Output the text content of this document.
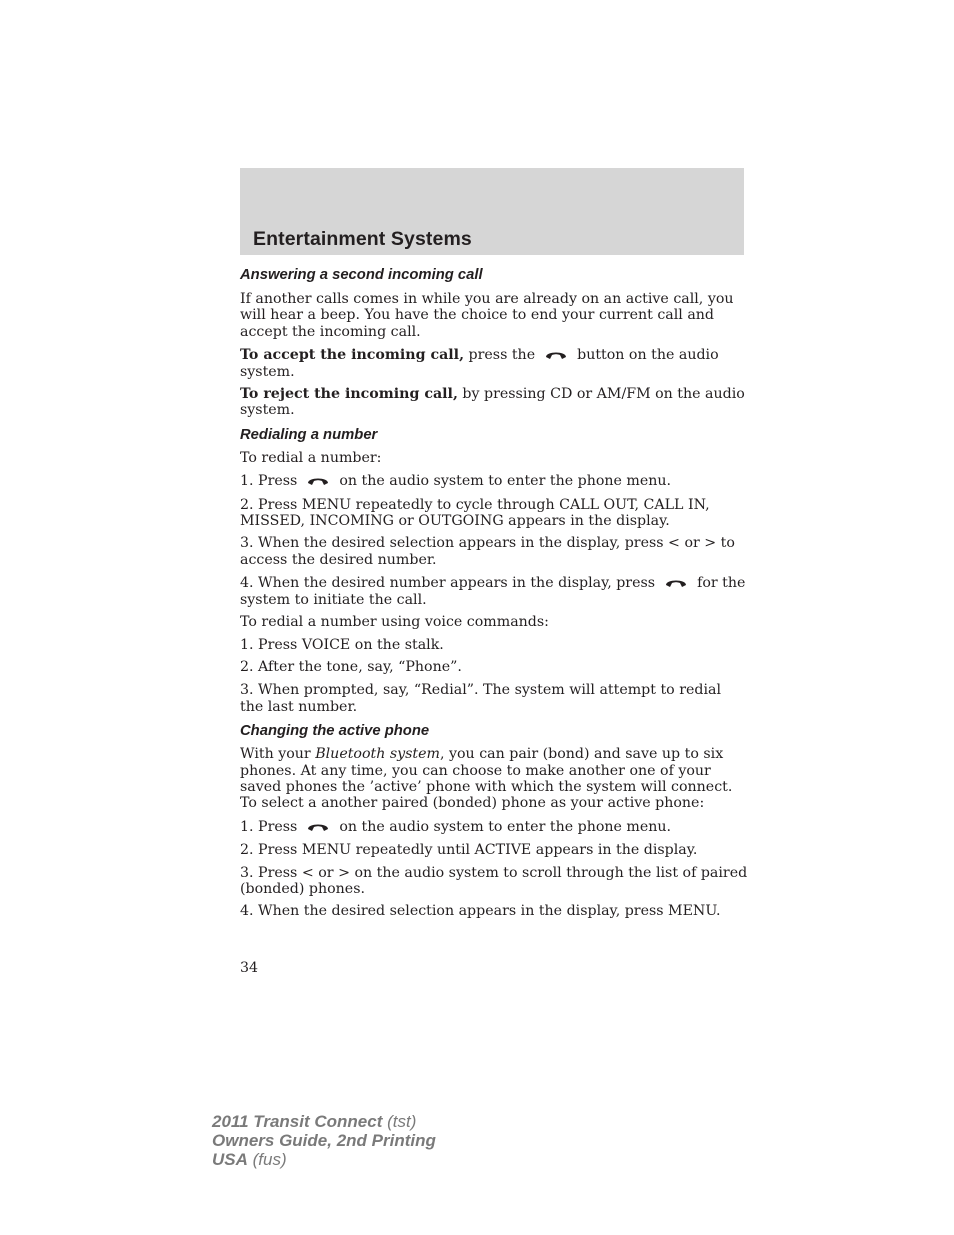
Entertainment Systems
Answering a second incoming call

If another calls comes in while you are already on an active call, you will hear a beep. You have the choice to end your current call and accept the incoming call.

To accept the incoming call, press the  button on the audio system.

To reject the incoming call, by pressing CD or AM/FM on the audio system.

Redialing a number

To redial a number:

1. Press  on the audio system to enter the phone menu.

2. Press MENU repeatedly to cycle through CALL OUT, CALL IN, MISSED, INCOMING or OUTGOING appears in the display.

3. When the desired selection appears in the display, press < or > to access the desired number.

4. When the desired number appears in the display, press  for the system to initiate the call.

To redial a number using voice commands:

1. Press VOICE on the stalk.

2. After the tone, say, “Phone”.

3. When prompted, say, “Redial”. The system will attempt to redial the last number.

Changing the active phone

With your Bluetooth system, you can pair (bond) and save up to six phones. At any time, you can choose to make another one of your saved phones the ’active’ phone with which the system will connect. To select a another paired (bonded) phone as your active phone:

1. Press  on the audio system to enter the phone menu.

2. Press MENU repeatedly until ACTIVE appears in the display.

3. Press < or > on the audio system to scroll through the list of paired (bonded) phones.

4. When the desired selection appears in the display, press MENU.

34
2011 Transit Connect (tst)
Owners Guide, 2nd Printing
USA (fus)
